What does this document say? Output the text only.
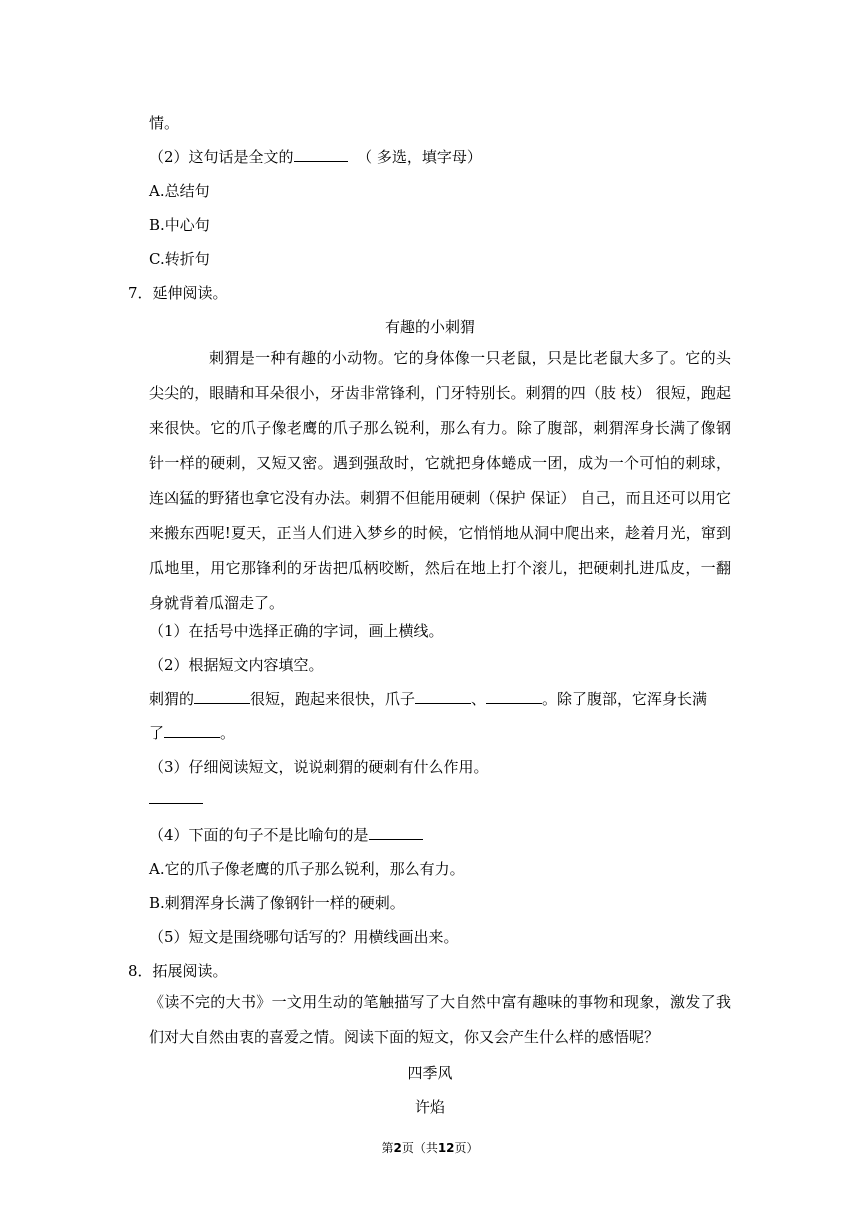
情。
（2）这句话是全文的	（ 多选，填字母）
A.总结句
B.中心句
C.转折句
7．延伸阅读。
有趣的小刺猬
刺猬是一种有趣的小动物。它的身体像一只老鼠，只是比老鼠大多了。它的头尖尖的，眼睛和耳朵很小，牙齿非常锋利，门牙特别长。刺猬的四（肢 枝） 很短，跑起来很快。它的爪子像老鹰的爪子那么锐利，那么有力。除了腹部，刺猬浑身长满了像钢针一样的硬刺，又短又密。遇到强敌时，它就把身体蜷成一团，成为一个可怕的刺球，连凶猛的野猪也拿它没有办法。刺猬不但能用硬刺（保护 保证） 自己，而且还可以用它来搬东西呢!夏天，正当人们进入梦乡的时候，它悄悄地从洞中爬出来，趁着月光，窜到瓜地里，用它那锋利的牙齿把瓜柄咬断，然后在地上打个滚儿，把硬刺扎进瓜皮，一翻身就背着瓜溜走了。
（1）在括号中选择正确的字词，画上横线。
（2）根据短文内容填空。
刺猬的	很短，跑起来很快，爪子	、	。除了腹部，它浑身长满
了	。
（3）仔细阅读短文，说说刺猬的硬刺有什么作用。
（4）下面的句子不是比喻句的是
A.它的爪子像老鹰的爪子那么锐利，那么有力。
B.刺猬浑身长满了像钢针一样的硬刺。
（5）短文是围绕哪句话写的？用横线画出来。
8．拓展阅读。
《读不完的大书》一文用生动的笔触描写了大自然中富有趣味的事物和现象，激发了我们对大自然由衷的喜爱之情。阅读下面的短文，你又会产生什么样的感悟呢？
四季风
许焰
第2页（共12页）
